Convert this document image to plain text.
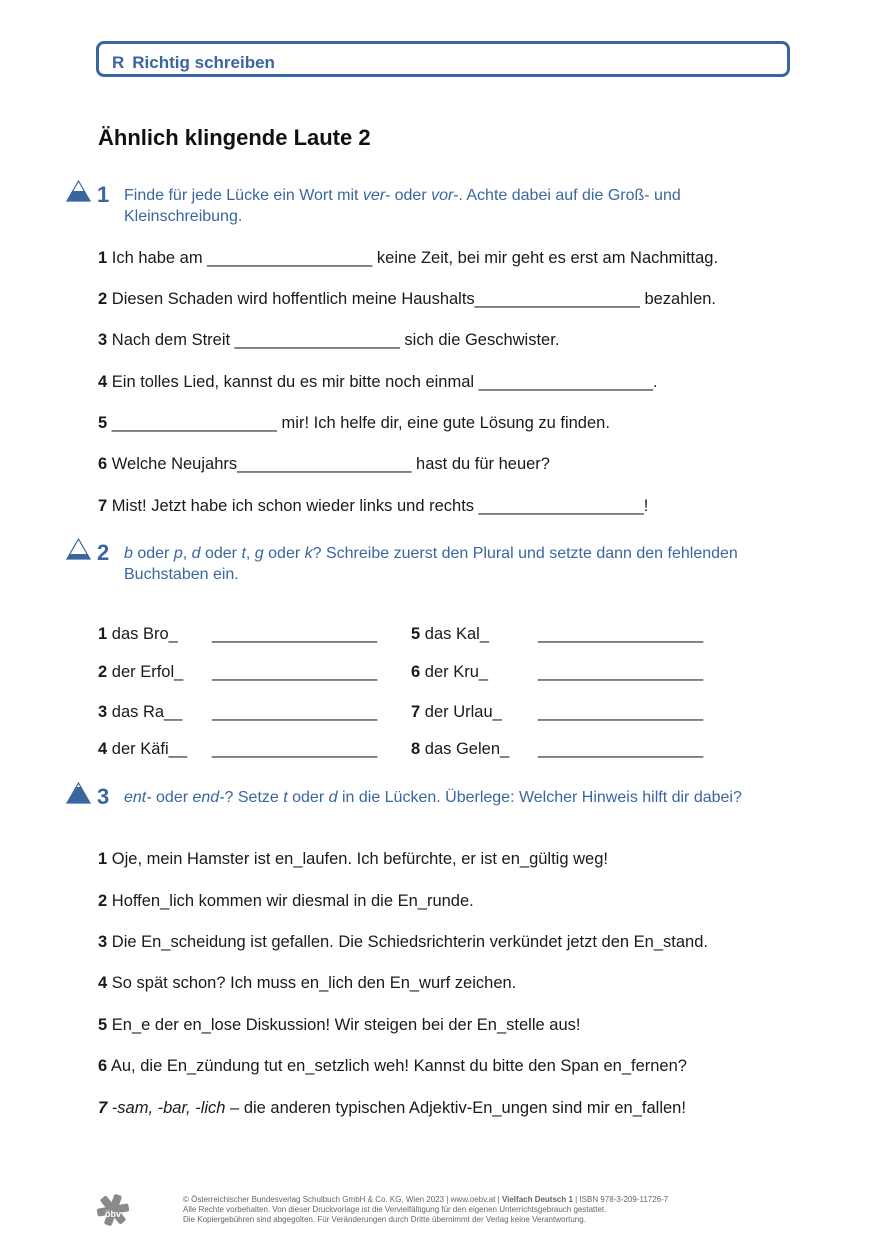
R Richtig schreiben
Ähnlich klingende Laute 2
1 Finde für jede Lücke ein Wort mit ver- oder vor-. Achte dabei auf die Groß- und Kleinschreibung.
1 Ich habe am __________________ keine Zeit, bei mir geht es erst am Nachmittag.
2 Diesen Schaden wird hoffentlich meine Haushalts__________________ bezahlen.
3 Nach dem Streit __________________ sich die Geschwister.
4 Ein tolles Lied, kannst du es mir bitte noch einmal ___________________.
5 __________________ mir! Ich helfe dir, eine gute Lösung zu finden.
6 Welche Neujahrs___________________ hast du für heuer?
7 Mist! Jetzt habe ich schon wieder links und rechts __________________!
2 b oder p, d oder t, g oder k? Schreibe zuerst den Plural und setzte dann den fehlenden Buchstaben ein.
1 das Bro_ __________________
2 der Erfol_ __________________
3 das Ra__ __________________
4 der Käfi__ __________________
5 das Kal_	__________________
6 der Kru_	__________________
7 der Urlau_ __________________
8 das Gelen_ __________________
3 ent- oder end-? Setze t oder d in die Lücken. Überlege: Welcher Hinweis hilft dir dabei?
1 Oje, mein Hamster ist en_laufen. Ich befürchte, er ist en_gültig weg!
2 Hoffen_lich kommen wir diesmal in die En_runde.
3 Die En_scheidung ist gefallen. Die Schiedsrichterin verkündet jetzt den En_stand.
4 So spät schon? Ich muss en_lich den En_wurf zeichen.
5 En_e der en_lose Diskussion! Wir steigen bei der En_stelle aus!
6 Au, die En_zündung tut en_setzlich weh! Kannst du bitte den Span en_fernen?
7 -sam, -bar, -lich – die anderen typischen Adjektiv-En_ungen sind mir en_fallen!
öbv
© Österreichischer Bundesverlag Schulbuch GmbH & Co. KG, Wien 2023 | www.oebv.at | Vielfach Deutsch 1 | ISBN 978-3-209-11726-7
Alle Rechte vorbehalten. Von dieser Druckvorlage ist die Vervielfältigung für den eigenen Unterrichtsgebrauch gestattet.
Die Kopiergebühren sind abgegolten. Für Veränderungen durch Dritte übernimmt der Verlag keine Verantwortung.
